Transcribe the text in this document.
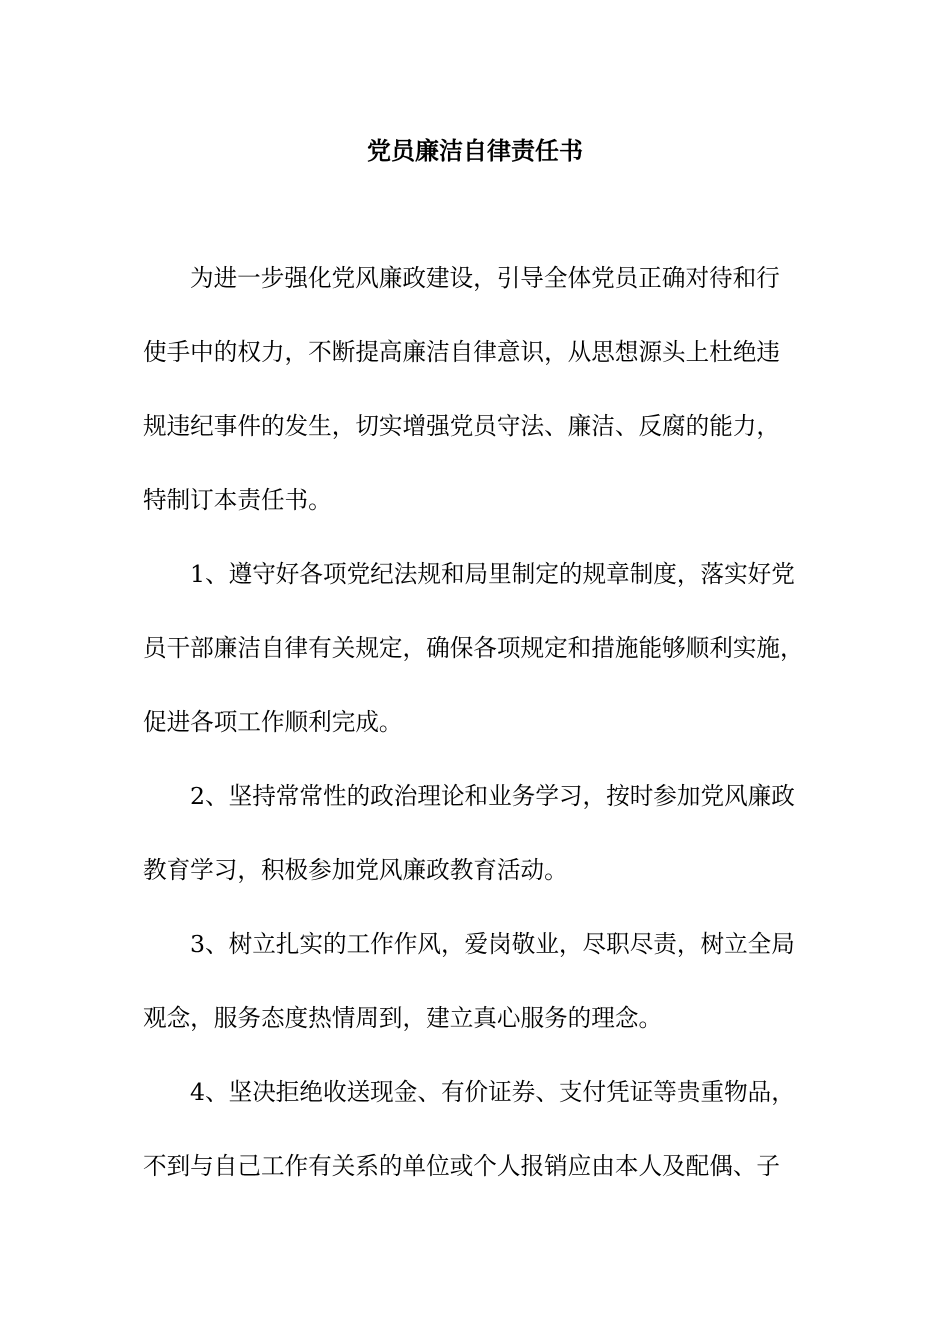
党员廉洁自律责任书
为进一步强化党风廉政建设，引导全体党员正确对待和行
使手中的权力，不断提高廉洁自律意识，从思想源头上杜绝违
规违纪事件的发生，切实增强党员守法、廉洁、反腐的能力，
特制订本责任书。
1、遵守好各项党纪法规和局里制定的规章制度，落实好党
员干部廉洁自律有关规定，确保各项规定和措施能够顺利实施，
促进各项工作顺利完成。
2、坚持常常性的政治理论和业务学习，按时参加党风廉政
教育学习，积极参加党风廉政教育活动。
3、树立扎实的工作作风，爱岗敬业，尽职尽责，树立全局
观念，服务态度热情周到，建立真心服务的理念。
4、坚决拒绝收送现金、有价证券、支付凭证等贵重物品，
不到与自己工作有关系的单位或个人报销应由本人及配偶、子
